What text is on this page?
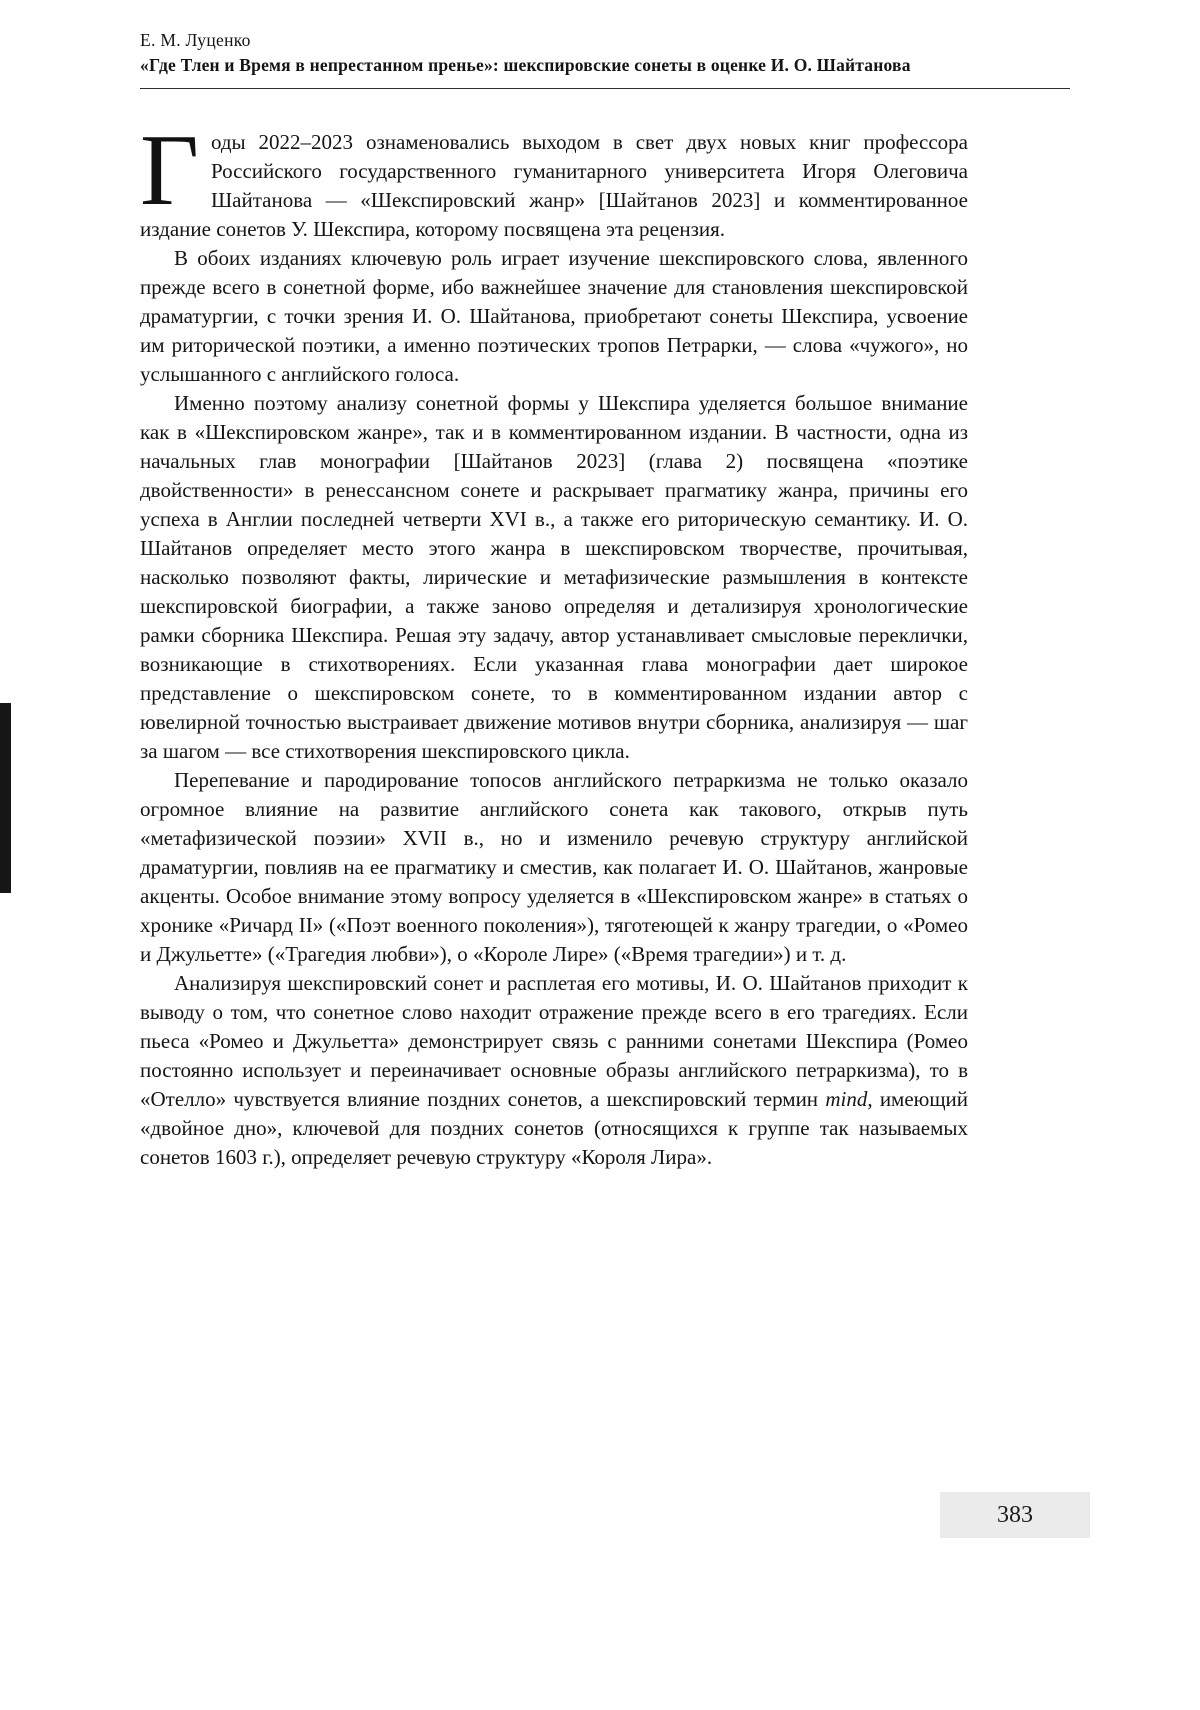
Е. М. Луценко
«Где Тлен и Время в непрестанном пренье»: шекспировские сонеты в оценке И. О. Шайтанова

Годы 2022–2023 ознаменовались выходом в свет двух новых книг профессора Российского государственного гуманитарного университета Игоря Олеговича Шайтанова — «Шекспировский жанр» [Шайтанов 2023] и комментированное издание сонетов У. Шекспира, которому посвящена эта рецензия.

В обоих изданиях ключевую роль играет изучение шекспировского слова, явленного прежде всего в сонетной форме, ибо важнейшее значение для становления шекспировской драматургии, с точки зрения И. О. Шайтанова, приобретают сонеты Шекспира, усвоение им риторической поэтики, а именно поэтических тропов Петрарки, — слова «чужого», но услышанного с английского голоса.

Именно поэтому анализу сонетной формы у Шекспира уделяется большое внимание как в «Шекспировском жанре», так и в комментированном издании. В частности, одна из начальных глав монографии [Шайтанов 2023] (глава 2) посвящена «поэтике двойственности» в ренессансном сонете и раскрывает прагматику жанра, причины его успеха в Англии последней четверти XVI в., а также его риторическую семантику. И. О. Шайтанов определяет место этого жанра в шекспировском творчестве, прочитывая, насколько позволяют факты, лирические и метафизические размышления в контексте шекспировской биографии, а также заново определяя и детализируя хронологические рамки сборника Шекспира. Решая эту задачу, автор устанавливает смысловые переклички, возникающие в стихотворениях. Если указанная глава монографии дает широкое представление о шекспировском сонете, то в комментированном издании автор с ювелирной точностью выстраивает движение мотивов внутри сборника, анализируя — шаг за шагом — все стихотворения шекспировского цикла.

Перепевание и пародирование топосов английского петраркизма не только оказало огромное влияние на развитие английского сонета как такового, открыв путь «метафизической поэзии» XVII в., но и изменило речевую структуру английской драматургии, повлияв на ее прагматику и сместив, как полагает И. О. Шайтанов, жанровые акценты. Особое внимание этому вопросу уделяется в «Шекспировском жанре» в статьях о хронике «Ричард II» («Поэт военного поколения»), тяготеющей к жанру трагедии, о «Ромео и Джульетте» («Трагедия любви»), о «Короле Лире» («Время трагедии») и т. д.

Анализируя шекспировский сонет и расплетая его мотивы, И. О. Шайтанов приходит к выводу о том, что сонетное слово находит отражение прежде всего в его трагедиях. Если пьеса «Ромео и Джульетта» демонстрирует связь с ранними сонетами Шекспира (Ромео постоянно использует и переиначивает основные образы английского петраркизма), то в «Отелло» чувствуется влияние поздних сонетов, а шекспировский термин mind, имеющий «двойное дно», ключевой для поздних сонетов (относящихся к группе так называемых сонетов 1603 г.), определяет речевую структуру «Короля Лира».

383
